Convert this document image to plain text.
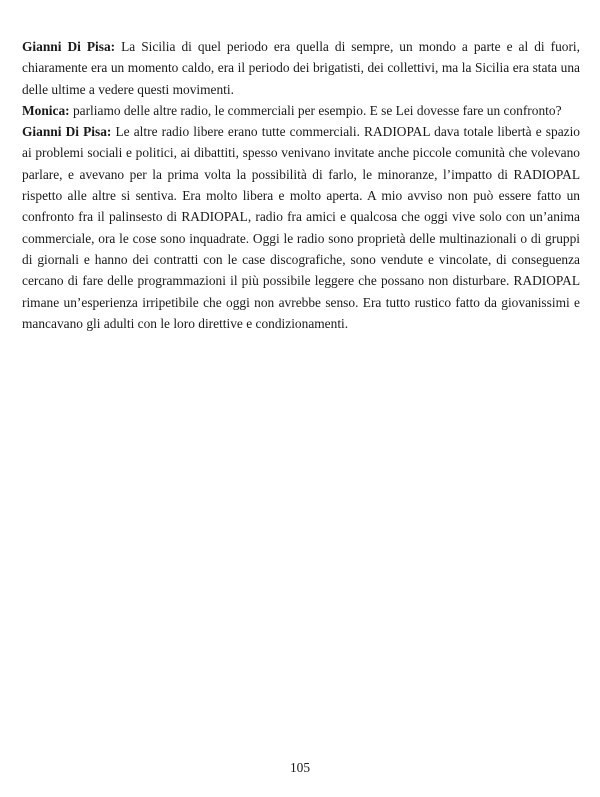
Gianni Di Pisa: La Sicilia di quel periodo era quella di sempre, un mondo a parte e al di fuori, chiaramente era un momento caldo, era il periodo dei brigatisti, dei collettivi, ma la Sicilia era stata una delle ultime a vedere questi movimenti.

Monica: parliamo delle altre radio, le commerciali per esempio. E se Lei dovesse fare un confronto?

Gianni Di Pisa: Le altre radio libere erano tutte commerciali. RADIOPAL dava totale libertà e spazio ai problemi sociali e politici, ai dibattiti, spesso venivano invitate anche piccole comunità che volevano parlare, e avevano per la prima volta la possibilità di farlo, le minoranze, l’impatto di RADIOPAL rispetto alle altre si sentiva. Era molto libera e molto aperta. A mio avviso non può essere fatto un confronto fra il palinsesto di RADIOPAL, radio fra amici e qualcosa che oggi vive solo con un’anima commerciale, ora le cose sono inquadrate. Oggi le radio sono proprietà delle multinazionali o di gruppi di giornali e hanno dei contratti con le case discografiche, sono vendute e vincolate, di conseguenza cercano di fare delle programmazioni il più possibile leggere che possano non disturbare. RADIOPAL rimane un’esperienza irripetibile che oggi non avrebbe senso. Era tutto rustico fatto da giovanissimi e mancavano gli adulti con le loro direttive e condizionamenti.

105
